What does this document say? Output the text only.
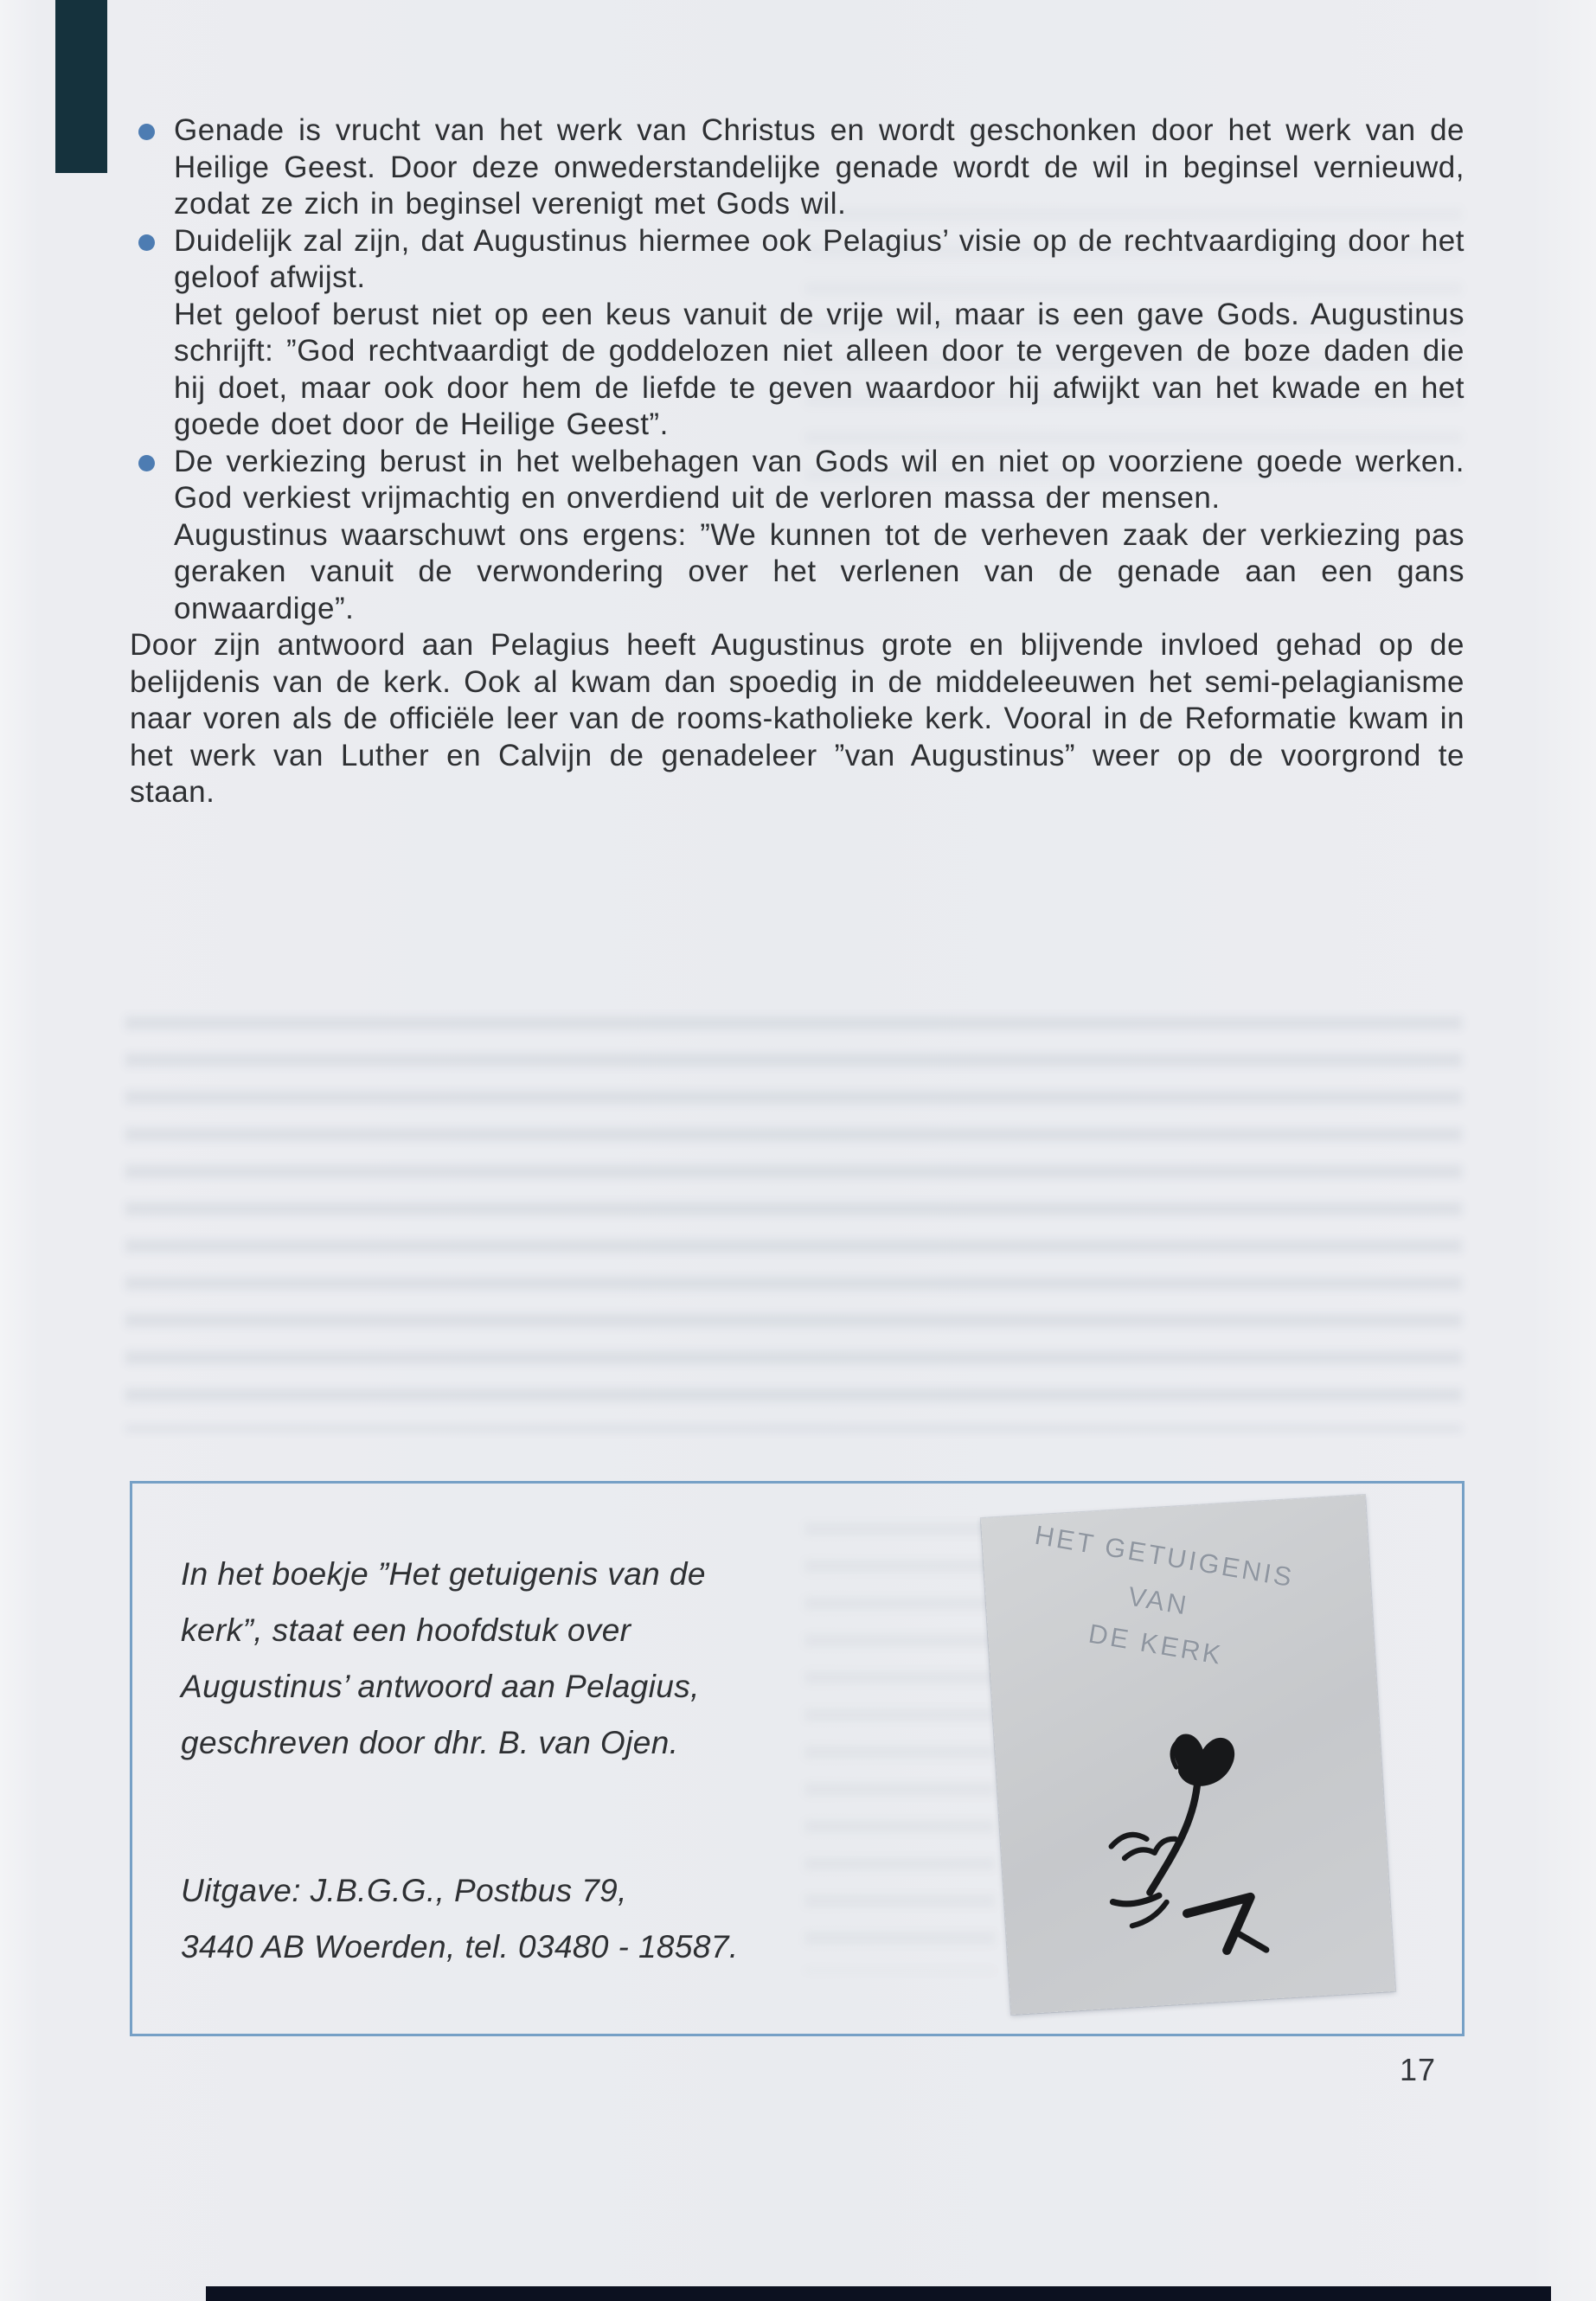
Genade is vrucht van het werk van Christus en wordt geschonken door het werk van de Heilige Geest. Door deze onwederstandelijke genade wordt de wil in beginsel vernieuwd, zodat ze zich in beginsel verenigt met Gods wil.

Duidelijk zal zijn, dat Augustinus hiermee ook Pelagius’ visie op de rechtvaardiging door het geloof afwijst.

Het geloof berust niet op een keus vanuit de vrije wil, maar is een gave Gods. Augustinus schrijft: ”God rechtvaardigt de goddelozen niet alleen door te vergeven de boze daden die hij doet, maar ook door hem de liefde te geven waardoor hij afwijkt van het kwade en het goede doet door de Heilige Geest”.

De verkiezing berust in het welbehagen van Gods wil en niet op voorziene goede werken. God verkiest vrijmachtig en onverdiend uit de verloren massa der mensen.

Augustinus waarschuwt ons ergens: ”We kunnen tot de verheven zaak der verkiezing pas geraken vanuit de verwondering over het verlenen van de genade aan een gans onwaardige”.

Door zijn antwoord aan Pelagius heeft Augustinus grote en blijvende invloed gehad op de belijdenis van de kerk. Ook al kwam dan spoedig in de middeleeuwen het semi-pelagianisme naar voren als de officiële leer van de rooms-katholieke kerk. Vooral in de Reformatie kwam in het werk van Luther en Calvijn de genadeleer ”van Augustinus” weer op de voorgrond te staan.

In het boekje ”Het getuigenis van de
kerk”, staat een hoofdstuk over
Augustinus’ antwoord aan Pelagius,
geschreven door dhr. B. van Ojen.
Uitgave: J.B.G.G., Postbus 79,
3440 AB Woerden, tel. 03480 - 18587.
HET GETUIGENIS
VAN
DE KERK
17
